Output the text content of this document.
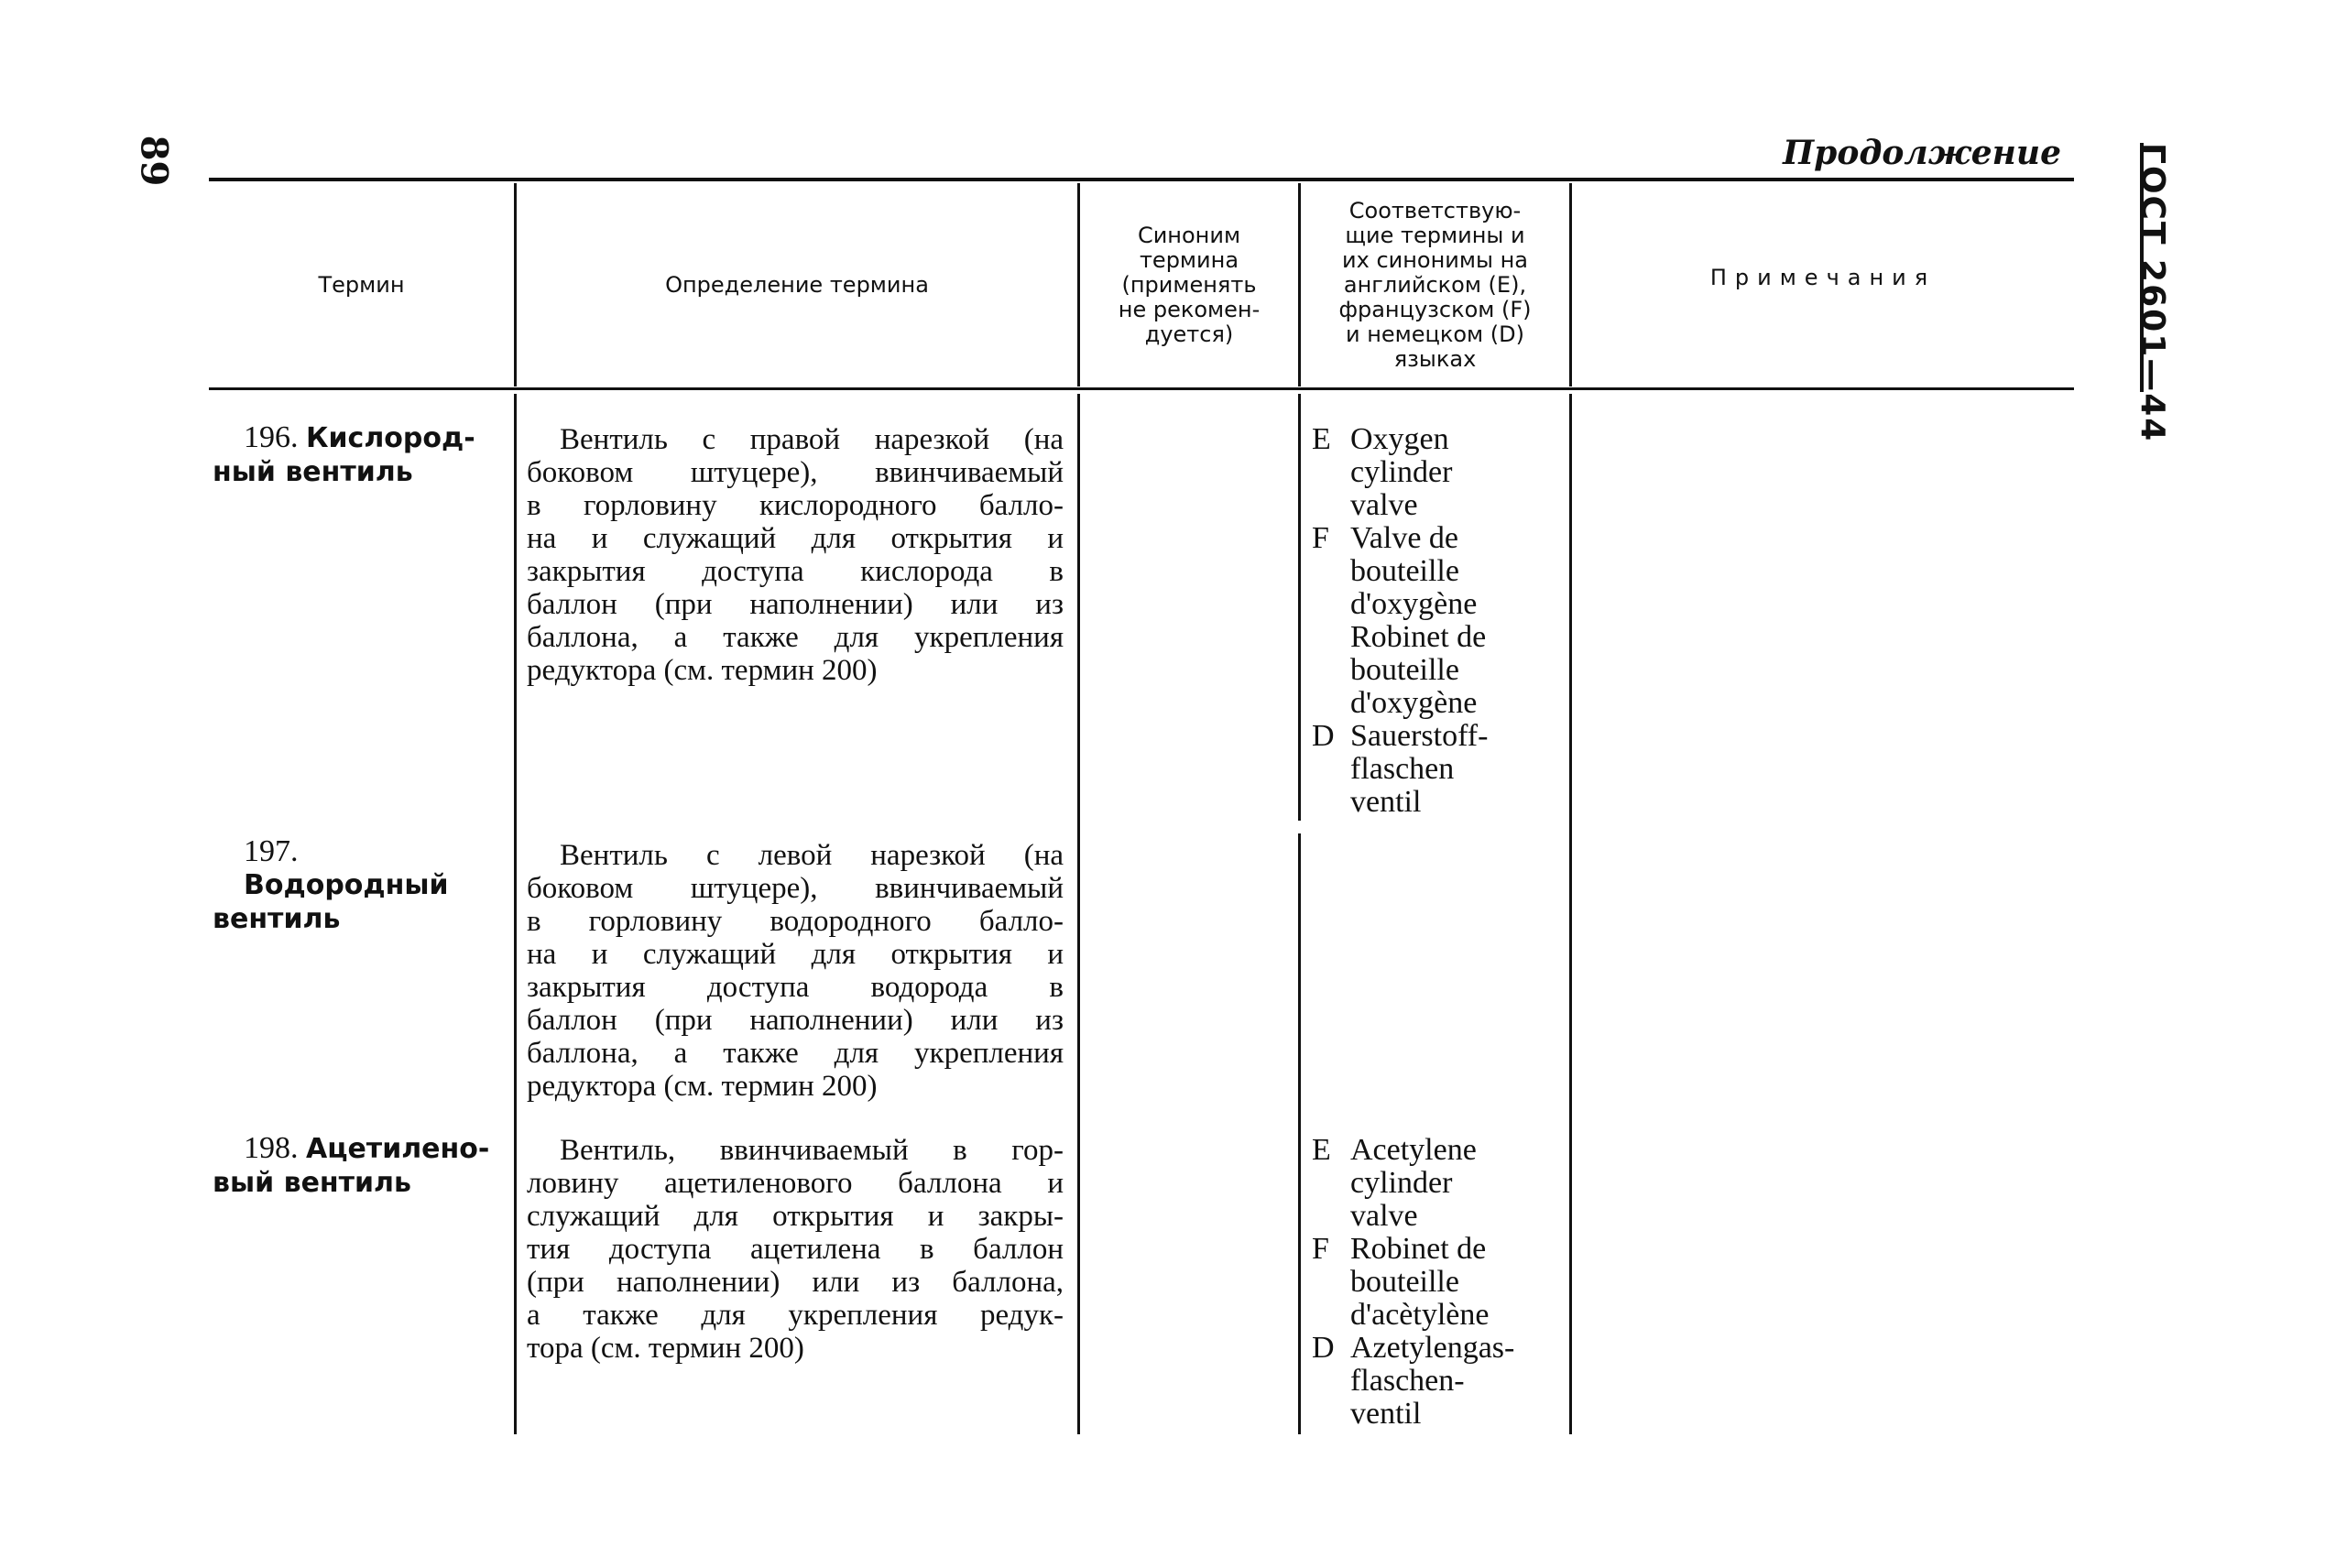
89	ГОСТ 2601—44
Продолжение
Термин	Определение термина
Синоним
термина
(применять
не рекомен-
дуется)
Соответствую-
щие термины и
их синонимы на
английском (E),
французском (F)
и немецком (D)
языках
Примечания
196. Кислород-
ный вентиль
Вентиль с правой нарезкой (на
боковом штуцере), ввинчиваемый
в горловину кислородного балло-
на и служащий для открытия и
закрытия доступа кислорода в
баллон (при наполнении) или из
баллона, а также для укрепления
редуктора (см. термин 200)
E Oxygen
cylinder
valve
F Valve de
bouteille
d'oxygène
Robinet de
bouteille
d'oxygène
D Sauerstoff-
flaschen
ventil
197. Водородный
вентиль
Вентиль с левой нарезкой (на
боковом штуцере), ввинчиваемый
в горловину водородного балло-
на и служащий для открытия и
закрытия доступа водорода в
баллон (при наполнении) или из
баллона, а также для укрепления
редуктора (см. термин 200)
198. Ацетилено-
вый вентиль
Вентиль, ввинчиваемый в гор-
ловину ацетиленового баллона и
служащий для открытия и закры-
тия доступа ацетилена в баллон
(при наполнении) или из баллона,
а также для укрепления редук-
тора (см. термин 200)
E Acetylene
cylinder
valve
F Robinet de
bouteille
d'acètylène
D Azetylengas-
flaschen-
ventil
